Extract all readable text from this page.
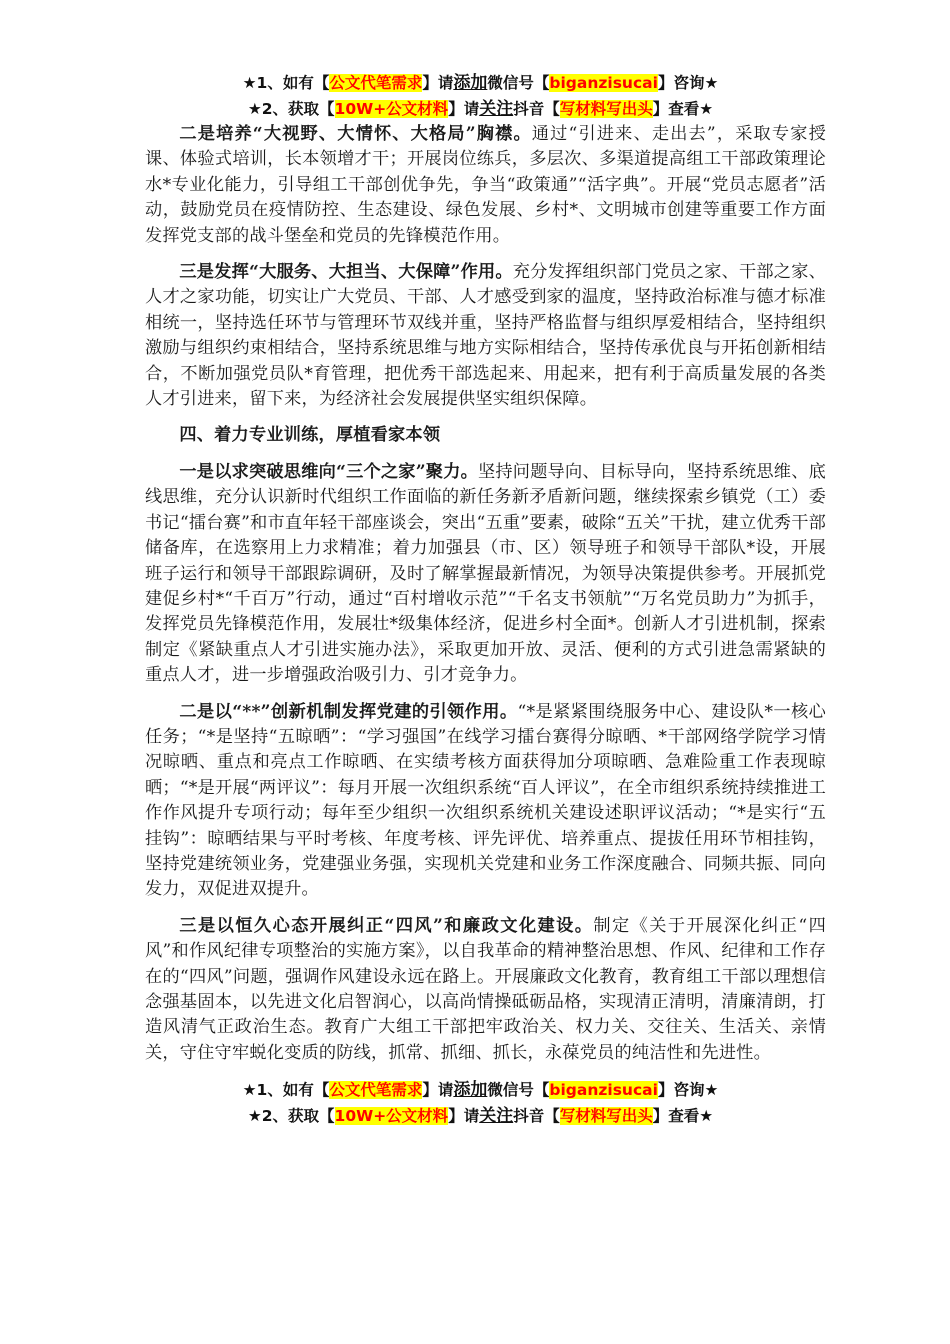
★1、如有【公文代笔需求】请添加微信号【biganzisucai】咨询★
★2、获取【10W+公文材料】请关注抖音【写材料写出头】查看★

二是培养“大视野、大情怀、大格局”胸襟。通过“引进来、走出去”，采取专家授课、体验式培训，长本领增才干；开展岗位练兵，多层次、多渠道提高组工干部政策理论水*专业化能力，引导组工干部创优争先，争当“政策通”“活字典”。开展“党员志愿者”活动，鼓励党员在疫情防控、生态建设、绿色发展、乡村*、文明城市创建等重要工作方面发挥党支部的战斗堡垒和党员的先锋模范作用。

三是发挥“大服务、大担当、大保障”作用。充分发挥组织部门党员之家、干部之家、人才之家功能，切实让广大党员、干部、人才感受到家的温度，坚持政治标准与德才标准相统一，坚持选任环节与管理环节双线并重，坚持严格监督与组织厚爱相结合，坚持组织激励与组织约束相结合，坚持系统思维与地方实际相结合，坚持传承优良与开拓创新相结合，不断加强党员队*育管理，把优秀干部选起来、用起来，把有利于高质量发展的各类人才引进来，留下来，为经济社会发展提供坚实组织保障。

四、着力专业训练，厚植看家本领

一是以求突破思维向“三个之家”聚力。坚持问题导向、目标导向，坚持系统思维、底线思维，充分认识新时代组织工作面临的新任务新矛盾新问题，继续探索乡镇党（工）委书记“擂台赛”和市直年轻干部座谈会，突出“五重”要素，破除“五关”干扰，建立优秀干部储备库，在选察用上力求精准；着力加强县（市、区）领导班子和领导干部队*设，开展班子运行和领导干部跟踪调研，及时了解掌握最新情况，为领导决策提供参考。开展抓党建促乡村*“千百万”行动，通过“百村增收示范”“千名支书领航”“万名党员助力”为抓手，发挥党员先锋模范作用，发展壮*级集体经济，促进乡村全面*。创新人才引进机制，探索制定《紧缺重点人才引进实施办法》，采取更加开放、灵活、便利的方式引进急需紧缺的重点人才，进一步增强政治吸引力、引才竞争力。

二是以“**”创新机制发挥党建的引领作用。“*是紧紧围绕服务中心、建设队*一核心任务；“*是坚持“五晾晒”：“学习强国”在线学习擂台赛得分晾晒、*干部网络学院学习情况晾晒、重点和亮点工作晾晒、在实绩考核方面获得加分项晾晒、急难险重工作表现晾晒；“*是开展“两评议”：每月开展一次组织系统“百人评议”，在全市组织系统持续推进工作作风提升专项行动；每年至少组织一次组织系统机关建设述职评议活动；“*是实行“五挂钩”：晾晒结果与平时考核、年度考核、评先评优、培养重点、提拔任用环节相挂钩，坚持党建统领业务，党建强业务强，实现机关党建和业务工作深度融合、同频共振、同向发力，双促进双提升。

三是以恒久心态开展纠正“四风”和廉政文化建设。制定《关于开展深化纠正“四风”和作风纪律专项整治的实施方案》，以自我革命的精神整治思想、作风、纪律和工作存在的“四风”问题，强调作风建设永远在路上。开展廉政文化教育，教育组工干部以理想信念强基固本，以先进文化启智润心，以高尚情操砥砺品格，实现清正清明，清廉清朗，打造风清气正政治生态。教育广大组工干部把牢政治关、权力关、交往关、生活关、亲情关，守住守牢蜕化变质的防线，抓常、抓细、抓长，永葆党员的纯洁性和先进性。

★1、如有【公文代笔需求】请添加微信号【biganzisucai】咨询★
★2、获取【10W+公文材料】请关注抖音【写材料写出头】查看★
